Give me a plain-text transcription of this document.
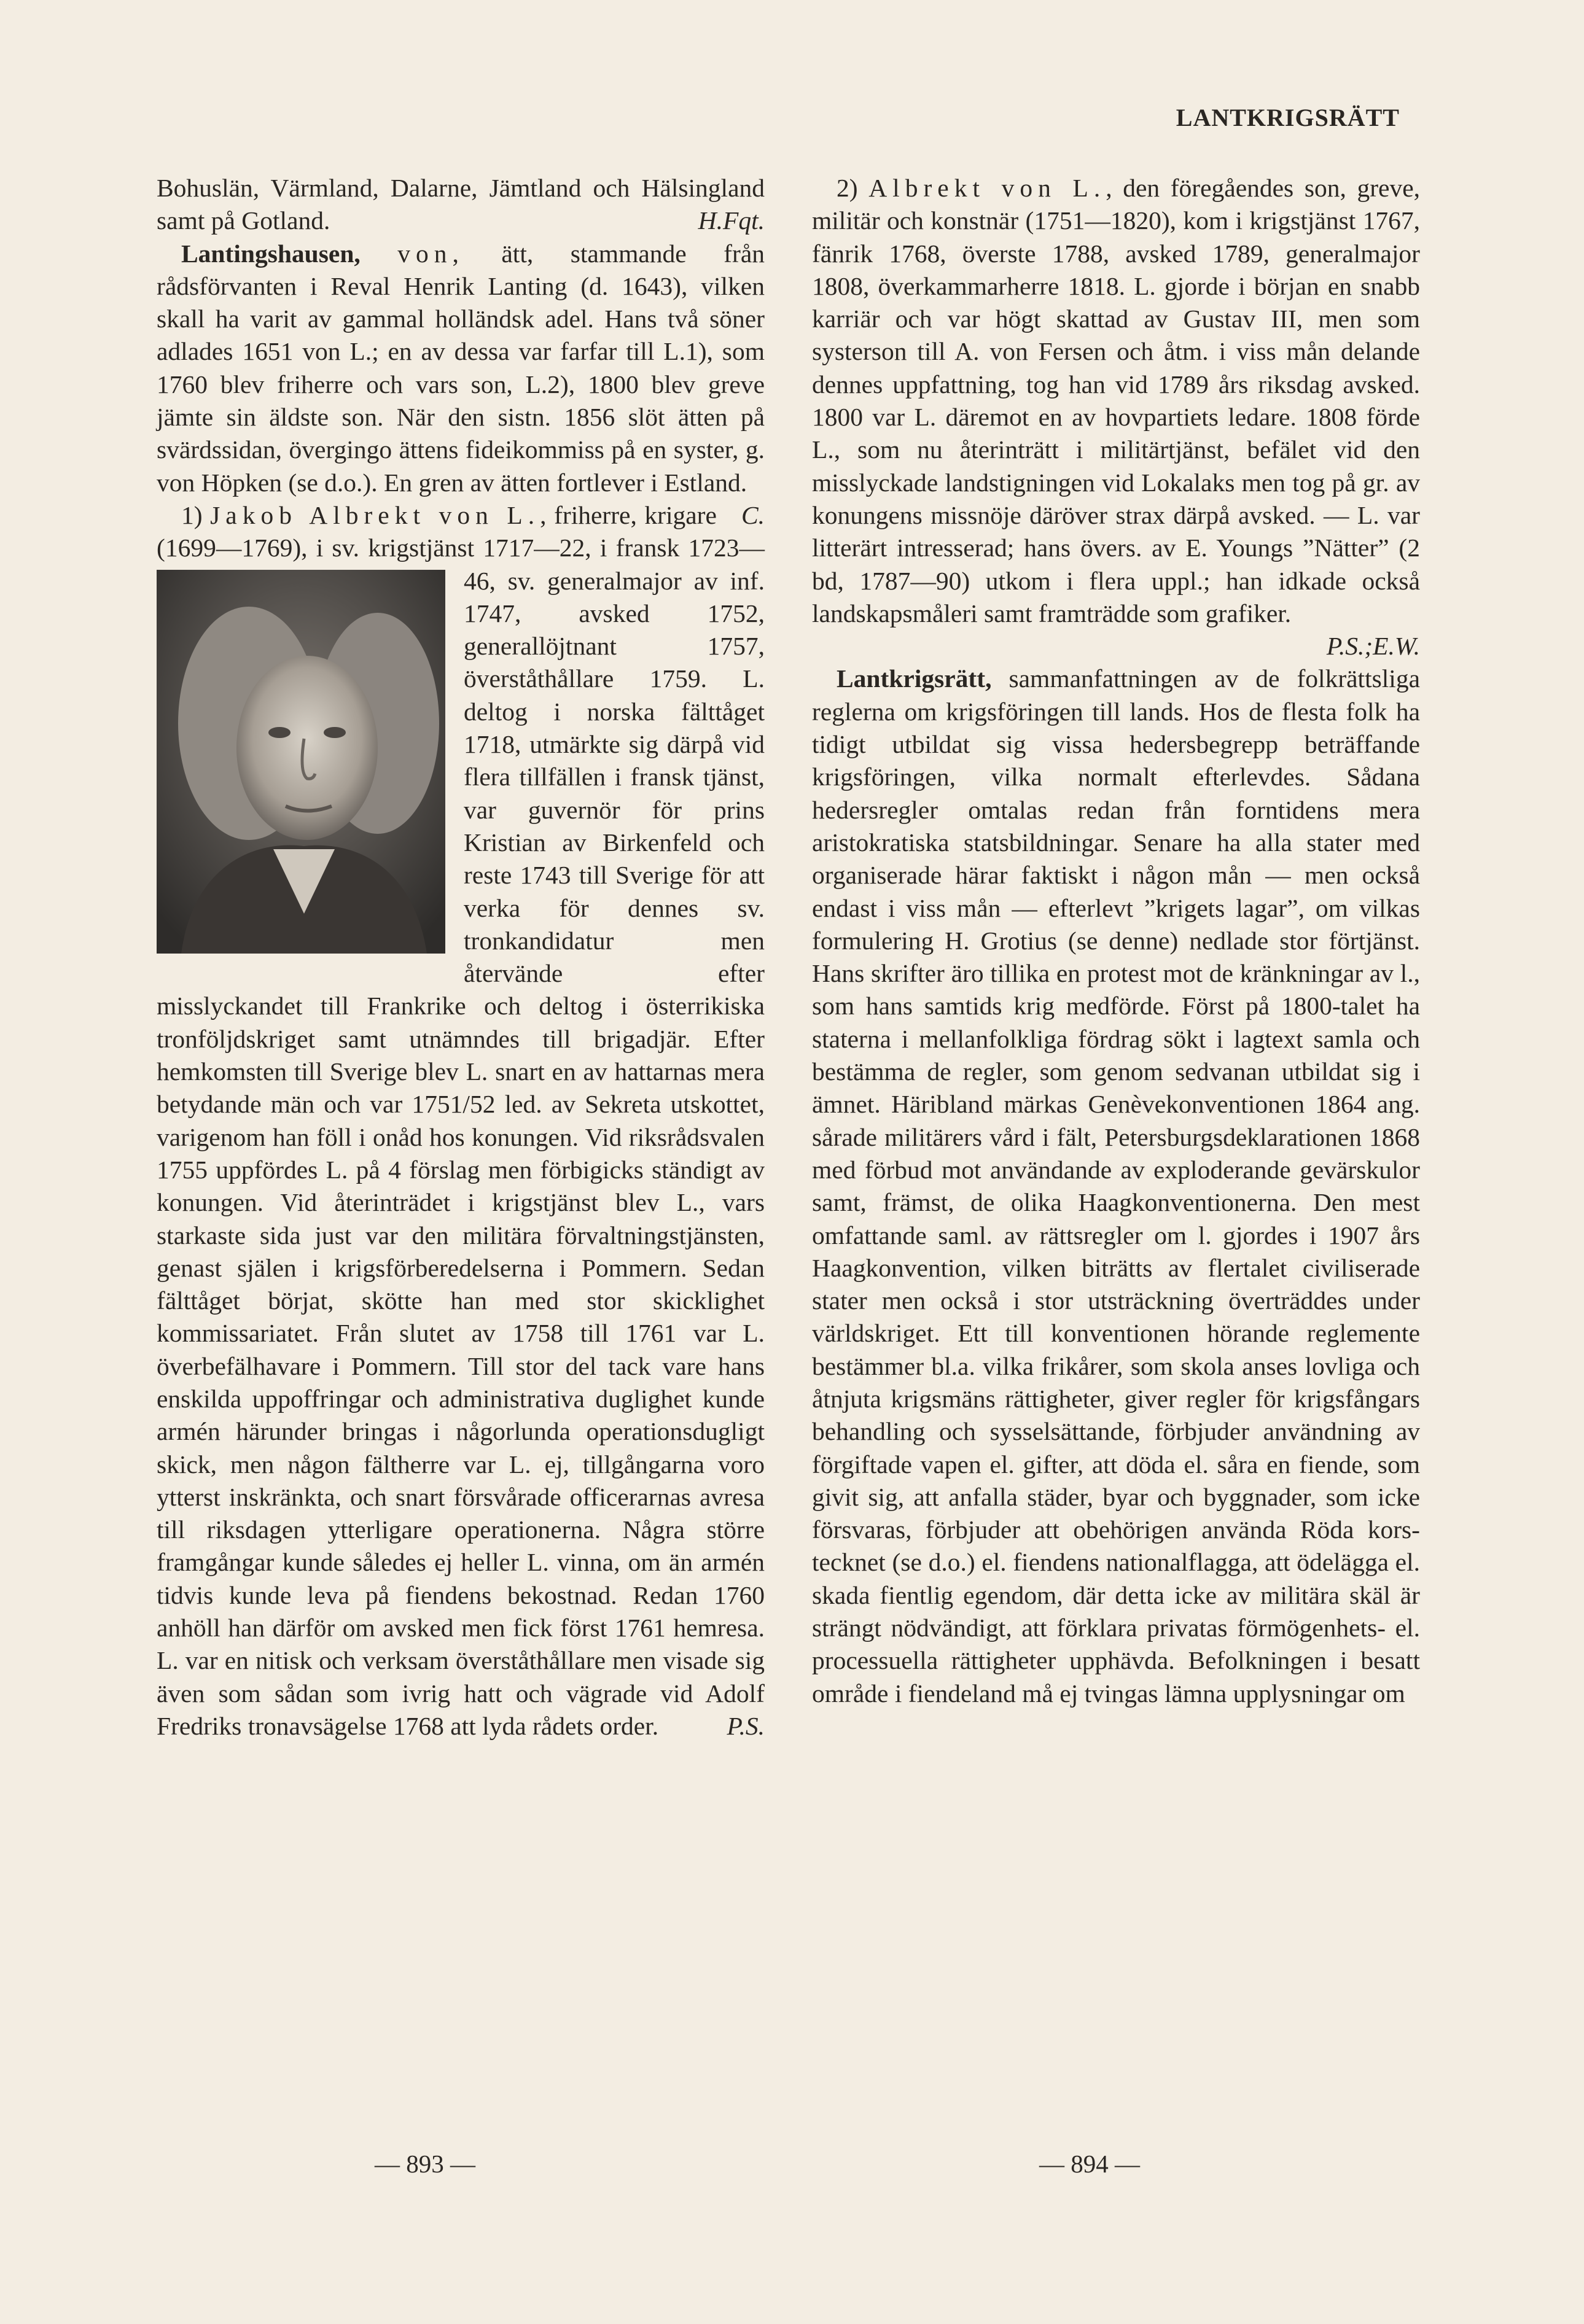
LANTKRIGSRÄTT

Bohuslän, Värmland, Dalarne, Jämtland och Hälsingland samt på Gotland.	H.Fqt.

Lantingshausen, von, ätt, stammande från rådsförvanten i Reval Henrik Lanting (d. 1643), vilken skall ha varit av gammal holländsk adel. Hans två söner adlades 1651 von L.; en av dessa var farfar till L.1), som 1760 blev friherre och vars son, L.2), 1800 blev greve jämte sin äldste son. När den sistn. 1856 slöt ätten på svärdssidan, övergingo ättens fideikommiss på en syster, g. von Höpken (se d.o.). En gren av ätten fortlever i Estland.
C.

1) Jakob Albrekt von L., friherre, krigare (1699—1769), i sv. krigstjänst 1717—22,
i fransk 1723—46, sv. generalmajor av inf. 1747, avsked 1752, generallöjtnant 1757, överståthållare 1759. L. deltog i norska fälttåget 1718, utmärkte sig därpå vid flera tillfällen i fransk tjänst, var guvernör för prins Kristian av Birkenfeld och reste 1743 till Sverige för att verka för dennes sv. tronkandidatur men återvände efter misslyckandet till Frankrike och deltog i österrikiska tronföljdskriget samt utnämndes till brigadjär. Efter hemkomsten till Sverige blev L. snart en av hattarnas mera betydande män och var 1751/52 led. av Sekreta utskottet, varigenom han föll i onåd hos konungen. Vid riksrådsvalen 1755 uppfördes L. på 4 förslag men förbigicks ständigt av konungen. Vid återinträdet i krigstjänst blev L., vars starkaste sida just var den militära förvaltningstjänsten, genast själen i krigsförberedelserna i Pommern. Sedan fälttåget börjat, skötte han med stor skicklighet kommissariatet. Från slutet av 1758 till 1761 var L. överbefälhavare i Pommern. Till stor del tack vare hans enskilda uppoffringar och administrativa duglighet kunde armén härunder bringas i någorlunda operationsdugligt skick, men någon fältherre var L. ej, tillgångarna voro ytterst inskränkta, och snart försvårade officerarnas avresa till riksdagen ytterligare operationerna. Några större framgångar kunde således ej heller L. vinna, om än armén tidvis kunde leva på fiendens bekostnad. Redan 1760 anhöll han därför om avsked men fick först 1761 hemresa. L. var en nitisk och verksam överståthållare men visade sig även som sådan som ivrig hatt och vägrade vid Adolf Fredriks tronavsägelse 1768 att lyda rådets order.	P.S.

2) Albrekt von L., den föregåendes son, greve, militär och konstnär (1751—1820), kom i krigstjänst 1767, fänrik 1768, överste 1788, avsked 1789, generalmajor 1808, överkammarherre 1818. L. gjorde i början en snabb karriär och var högt skattad av Gustav III, men som systerson till A. von Fersen och åtm. i viss mån delande dennes uppfattning, tog han vid 1789 års riksdag avsked. 1800 var L. däremot en av hovpartiets ledare. 1808 förde L., som nu återinträtt i militärtjänst, befälet vid den misslyckade landstigningen vid Lokalaks men tog på gr. av konungens missnöje däröver strax därpå avsked. — L. var litterärt intresserad; hans övers. av E. Youngs ”Nätter” (2 bd, 1787—90) utkom i flera uppl.; han idkade också landskapsmåleri samt framträdde som grafiker.

P.S.;E.W.

Lantkrigsrätt, sammanfattningen av de folkrättsliga reglerna om krigsföringen till lands. Hos de flesta folk ha tidigt utbildat sig vissa hedersbegrepp beträffande krigsföringen, vilka normalt efterlevdes. Sådana hedersregler omtalas redan från forntidens mera aristokratiska statsbildningar. Senare ha alla stater med organiserade härar faktiskt i någon mån — men också endast i viss mån — efterlevt ”krigets lagar”, om vilkas formulering H. Grotius (se denne) nedlade stor förtjänst. Hans skrifter äro tillika en protest mot de kränkningar av l., som hans samtids krig medförde. Först på 1800-talet ha staterna i mellanfolkliga fördrag sökt i lagtext samla och bestämma de regler, som genom sedvanan utbildat sig i ämnet. Häribland märkas Genèvekonventionen 1864 ang. sårade militärers vård i fält, Petersburgsdeklarationen 1868 med förbud mot användande av exploderande gevärskulor samt, främst, de olika Haagkonventionerna. Den mest omfattande saml. av rättsregler om l. gjordes i 1907 års Haagkonvention, vilken biträtts av flertalet civiliserade stater men också i stor utsträckning överträddes under världskriget. Ett till konventionen hörande reglemente bestämmer bl.a. vilka frikårer, som skola anses lovliga och åtnjuta krigsmäns rättigheter, giver regler för krigsfångars behandling och sysselsättande, förbjuder användning av förgiftade vapen el. gifter, att döda el. såra en fiende, som givit sig, att anfalla städer, byar och byggnader, som icke försvaras, förbjuder att obehörigen använda Röda kors-tecknet (se d.o.) el. fiendens nationalflagga, att ödelägga el. skada fientlig egendom, där detta icke av militära skäl är strängt nödvändigt, att förklara privatas förmögenhets- el. processuella rättigheter upphävda. Befolkningen i besatt område i fiendeland må ej tvingas lämna upplysningar om

— 893 —	— 894 —
